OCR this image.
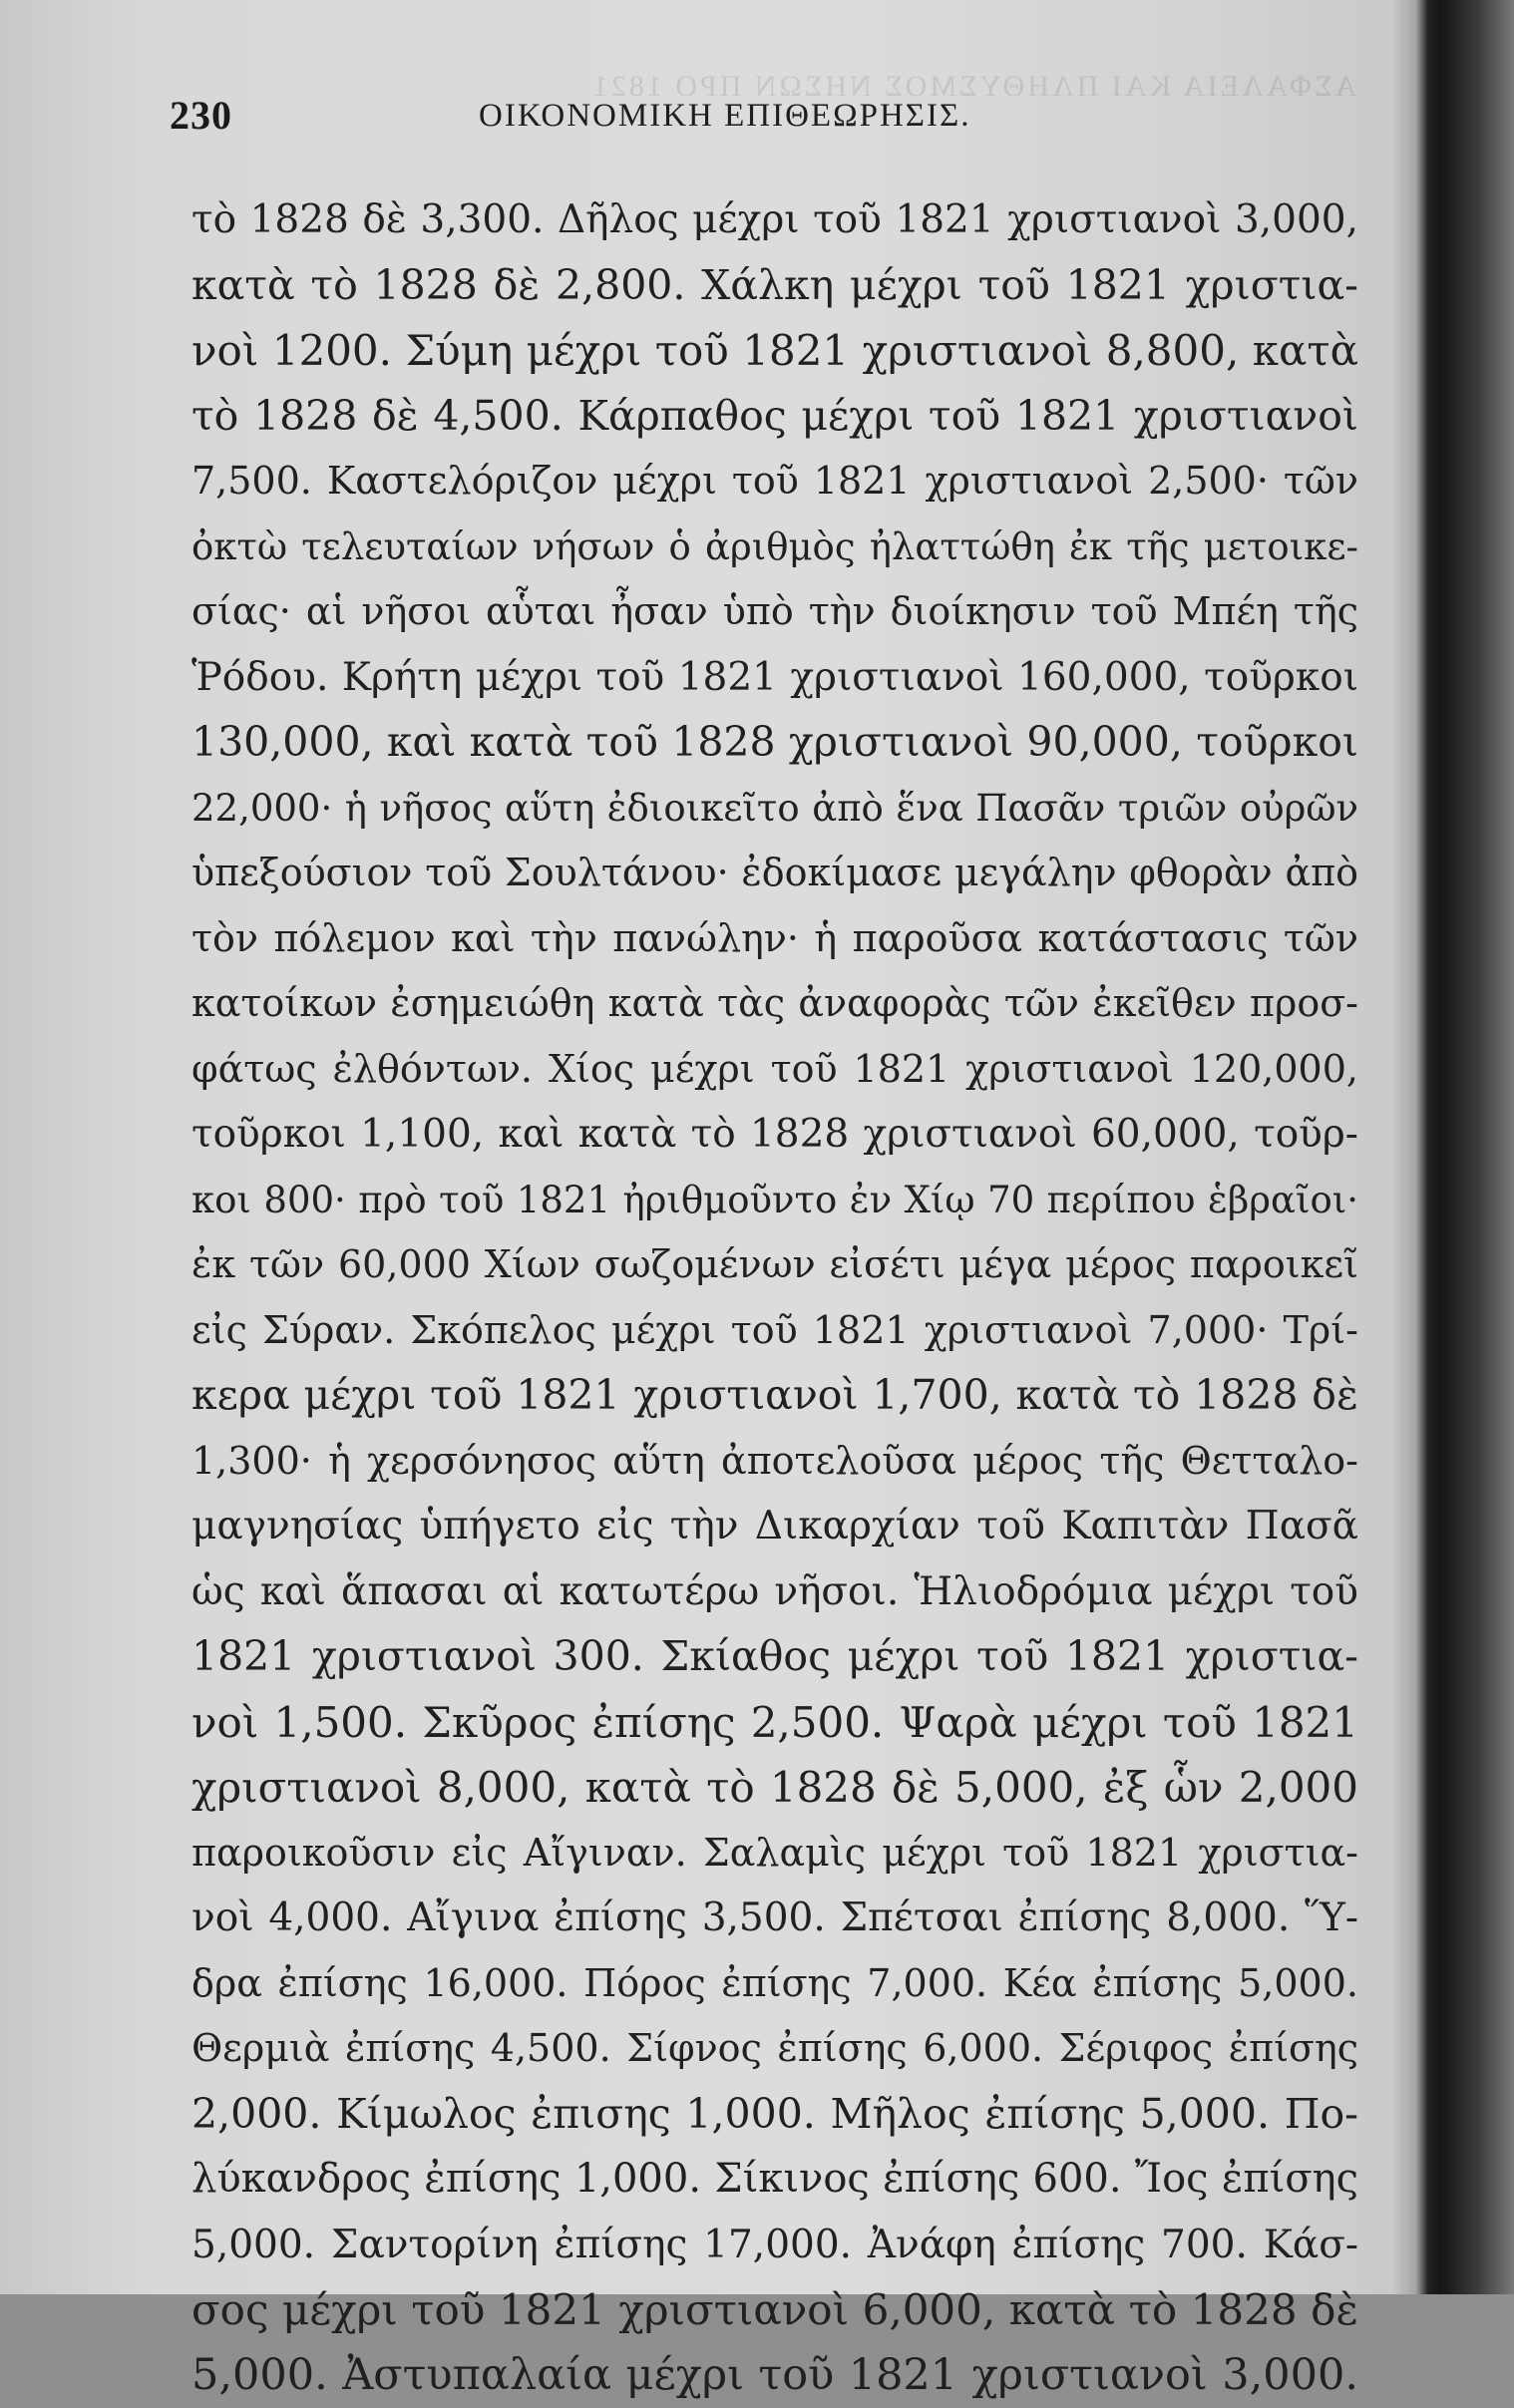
ΑΣΦΑΛΕΙΑ ΚΑΙ ΠΛΗΘΥΣΜΟΣ ΝΗΣΩΝ ΠΡΟ 1821
230	ΟΙΚΟΝΟΜΙΚΗ ΕΠΙΘΕΩΡΗΣΙΣ.
τὸ 1828 δὲ 3,300. Δῆλος μέχρι τοῦ 1821 χριστιανοὶ 3,000,
κατὰ τὸ 1828 δὲ 2,800. Χάλκη μέχρι τοῦ 1821 χριστια-
νοὶ 1200. Σύμη μέχρι τοῦ 1821 χριστιανοὶ 8,800, κατὰ
τὸ 1828 δὲ 4,500. Κάρπαθος μέχρι τοῦ 1821 χριστιανοὶ
7,500. Καστελόριζον μέχρι τοῦ 1821 χριστιανοὶ 2,500· τῶν
ὀκτὼ τελευταίων νήσων ὁ ἀριθμὸς ἠλαττώθη ἐκ τῆς μετοικε-
σίας· αἱ νῆσοι αὗται ἦσαν ὑπὸ τὴν διοίκησιν τοῦ Μπέη τῆς
Ῥόδου. Κρήτη μέχρι τοῦ 1821 χριστιανοὶ 160,000, τοῦρκοι
130,000, καὶ κατὰ τοῦ 1828 χριστιανοὶ 90,000, τοῦρκοι
22,000· ἡ νῆσος αὕτη ἐδιοικεῖτο ἀπὸ ἕνα Πασᾶν τριῶν οὐρῶν
ὑπεξούσιον τοῦ Σουλτάνου· ἐδοκίμασε μεγάλην φθορὰν ἀπὸ
τὸν πόλεμον καὶ τὴν πανώλην· ἡ παροῦσα κατάστασις τῶν
κατοίκων ἐσημειώθη κατὰ τὰς ἀναφορὰς τῶν ἐκεῖθεν προσ-
φάτως ἐλθόντων. Χίος μέχρι τοῦ 1821 χριστιανοὶ 120,000,
τοῦρκοι 1,100, καὶ κατὰ τὸ 1828 χριστιανοὶ 60,000, τοῦρ-
κοι 800· πρὸ τοῦ 1821 ἠριθμοῦντο ἐν Χίῳ 70 περίπου ἑβραῖοι·
ἐκ τῶν 60,000 Χίων σωζομένων εἰσέτι μέγα μέρος παροικεῖ
εἰς Σύραν. Σκόπελος μέχρι τοῦ 1821 χριστιανοὶ 7,000· Τρί-
κερα μέχρι τοῦ 1821 χριστιανοὶ 1,700, κατὰ τὸ 1828 δὲ
1,300· ἡ χερσόνησος αὕτη ἀποτελοῦσα μέρος τῆς Θετταλο-
μαγνησίας ὑπήγετο εἰς τὴν Δικαρχίαν τοῦ Καπιτὰν Πασᾶ
ὡς καὶ ἅπασαι αἱ κατωτέρω νῆσοι. Ἡλιοδρόμια μέχρι τοῦ
1821 χριστιανοὶ 300. Σκίαθος μέχρι τοῦ 1821 χριστια-
νοὶ 1,500. Σκῦρος ἐπίσης 2,500. Ψαρὰ μέχρι τοῦ 1821
χριστιανοὶ 8,000, κατὰ τὸ 1828 δὲ 5,000, ἐξ ὧν 2,000
παροικοῦσιν εἰς Αἴγιναν. Σαλαμὶς μέχρι τοῦ 1821 χριστια-
νοὶ 4,000. Αἴγινα ἐπίσης 3,500. Σπέτσαι ἐπίσης 8,000. Ὕ-
δρα ἐπίσης 16,000. Πόρος ἐπίσης 7,000. Κέα ἐπίσης 5,000.
Θερμιὰ ἐπίσης 4,500. Σίφνος ἐπίσης 6,000. Σέριφος ἐπίσης
2,000. Κίμωλος ἐπισης 1,000. Μῆλος ἐπίσης 5,000. Πο-
λύκανδρος ἐπίσης 1,000. Σίκινος ἐπίσης 600. Ἴος ἐπίσης
5,000. Σαντορίνη ἐπίσης 17,000. Ἀνάφη ἐπίσης 700. Κάσ-
σος μέχρι τοῦ 1821 χριστιανοὶ 6,000, κατὰ τὸ 1828 δὲ
5,000. Ἀστυπαλαία μέχρι τοῦ 1821 χριστιανοὶ 3,000.
